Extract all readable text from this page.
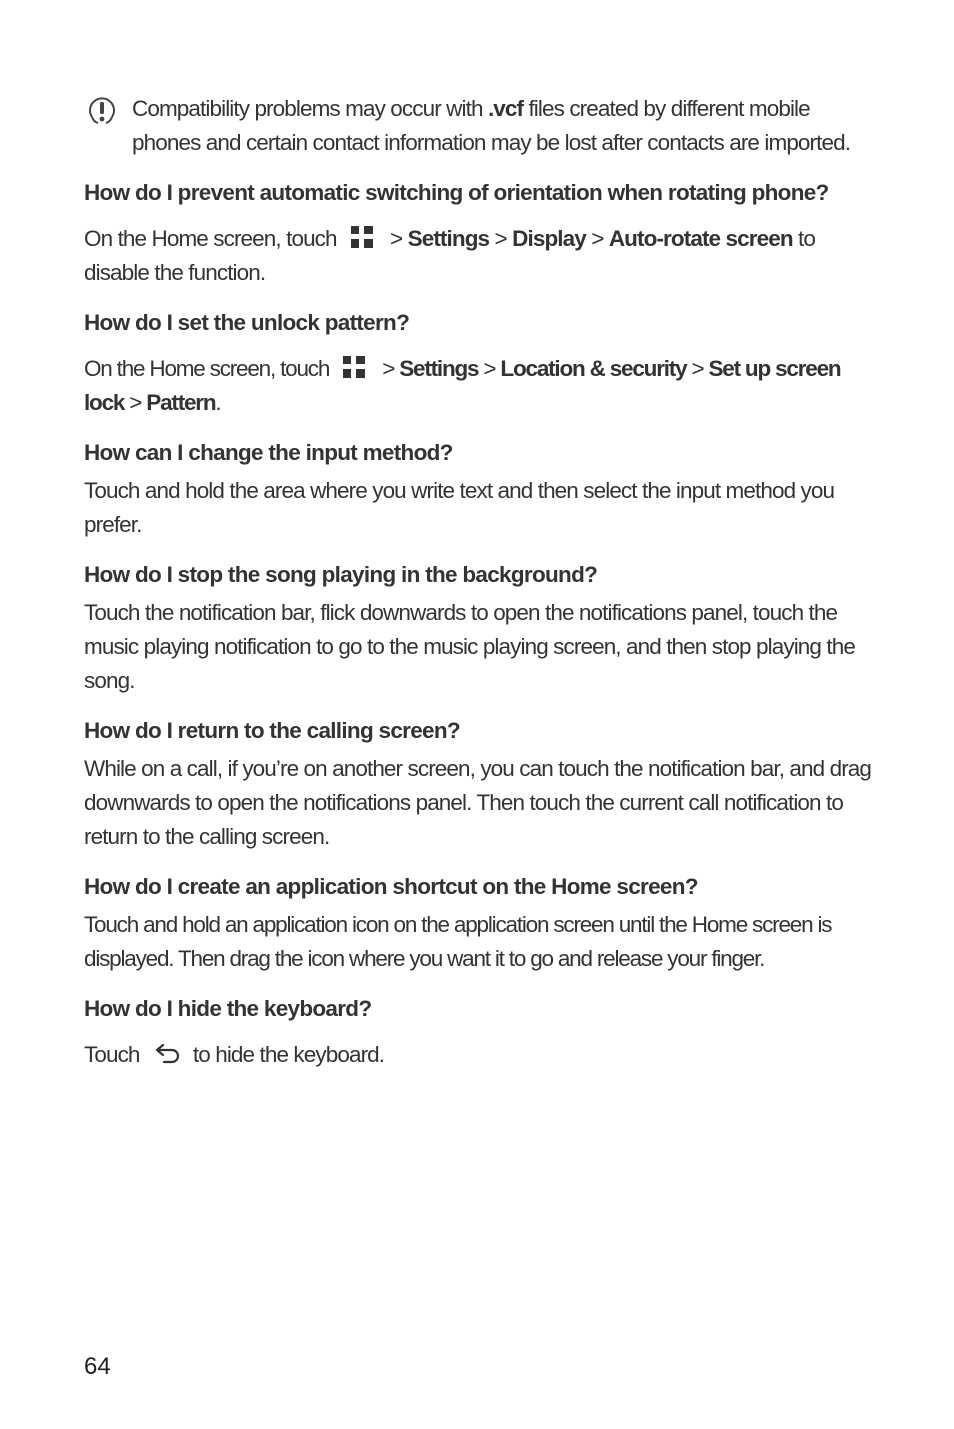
Compatibility problems may occur with .vcf files created by different mobile phones and certain contact information may be lost after contacts are imported.

How do I prevent automatic switching of orientation when rotating phone?

On the Home screen, touch > Settings > Display > Auto-rotate screen to disable the function.

How do I set the unlock pattern?

On the Home screen, touch > Settings > Location & security > Set up screen lock > Pattern.

How can I change the input method?

Touch and hold the area where you write text and then select the input method you prefer.

How do I stop the song playing in the background?

Touch the notification bar, flick downwards to open the notifications panel, touch the music playing notification to go to the music playing screen, and then stop playing the song.

How do I return to the calling screen?

While on a call, if you’re on another screen, you can touch the notification bar, and drag downwards to open the notifications panel. Then touch the current call notification to return to the calling screen.

How do I create an application shortcut on the Home screen?

Touch and hold an application icon on the application screen until the Home screen is displayed. Then drag the icon where you want it to go and release your finger.

How do I hide the keyboard?

Touch to hide the keyboard.

64
